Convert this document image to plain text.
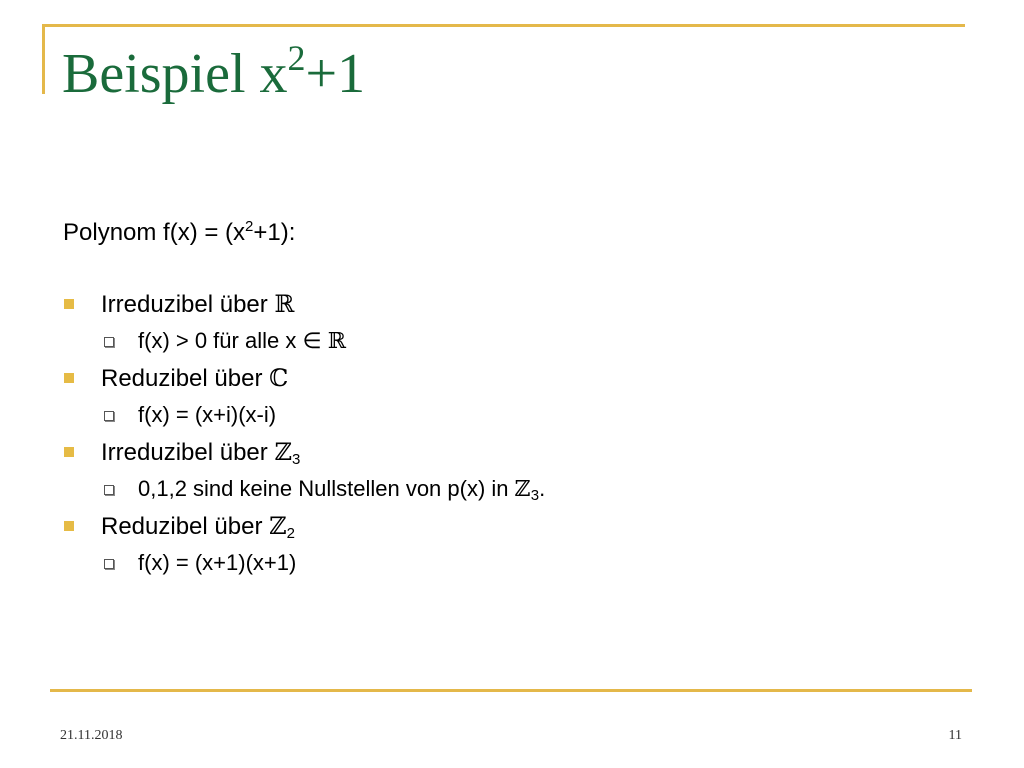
Beispiel $x^2+1$
Polynom $f(x) = (x^2+1)$:
Irreduzibel über ℝ
f(x) > 0 für alle x ∈ ℝ
Reduzibel über ℂ
f(x) = (x+i)(x-i)
Irreduzibel über ℤ$_3$
0,1,2 sind keine Nullstellen von p(x) in ℤ$_3$.
Reduzibel über ℤ$_2$
f(x) = (x+1)(x+1)
21.11.2018	11
